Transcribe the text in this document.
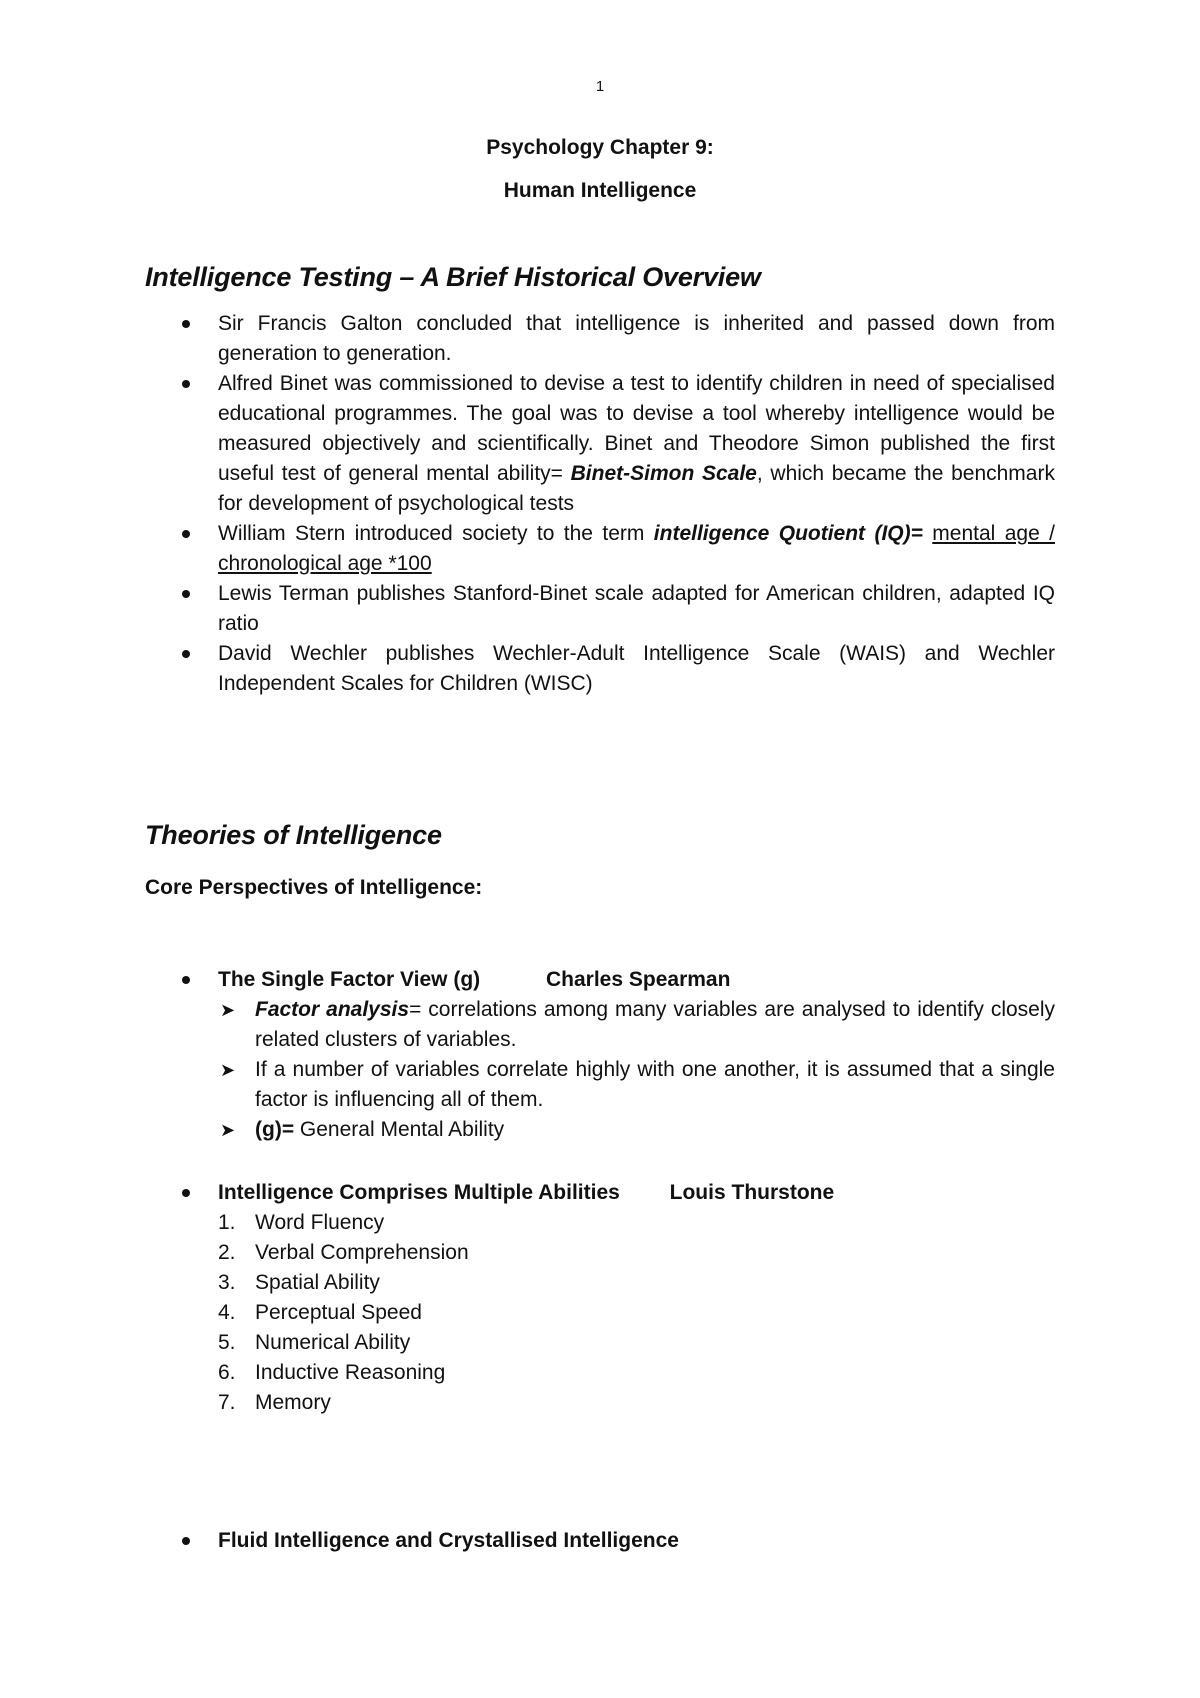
1
Psychology Chapter 9:
Human Intelligence
Intelligence Testing – A Brief Historical Overview
Sir Francis Galton concluded that intelligence is inherited and passed down from generation to generation.
Alfred Binet was commissioned to devise a test to identify children in need of specialised educational programmes. The goal was to devise a tool whereby intelligence would be measured objectively and scientifically. Binet and Theodore Simon published the first useful test of general mental ability= Binet-Simon Scale, which became the benchmark for development of psychological tests
William Stern introduced society to the term intelligence Quotient (IQ)= mental age / chronological age *100
Lewis Terman publishes Stanford-Binet scale adapted for American children, adapted IQ ratio
David Wechler publishes Wechler-Adult Intelligence Scale (WAIS) and Wechler Independent Scales for Children (WISC)
Theories of Intelligence
Core Perspectives of Intelligence:
The Single Factor View (g)	Charles Spearman
➤ Factor analysis= correlations among many variables are analysed to identify closely related clusters of variables.
➤ If a number of variables correlate highly with one another, it is assumed that a single factor is influencing all of them.
➤ (g)= General Mental Ability
Intelligence Comprises Multiple Abilities Louis Thurstone
1. Word Fluency
2. Verbal Comprehension
3. Spatial Ability
4. Perceptual Speed
5. Numerical Ability
6. Inductive Reasoning
7. Memory
Fluid Intelligence and Crystallised Intelligence
